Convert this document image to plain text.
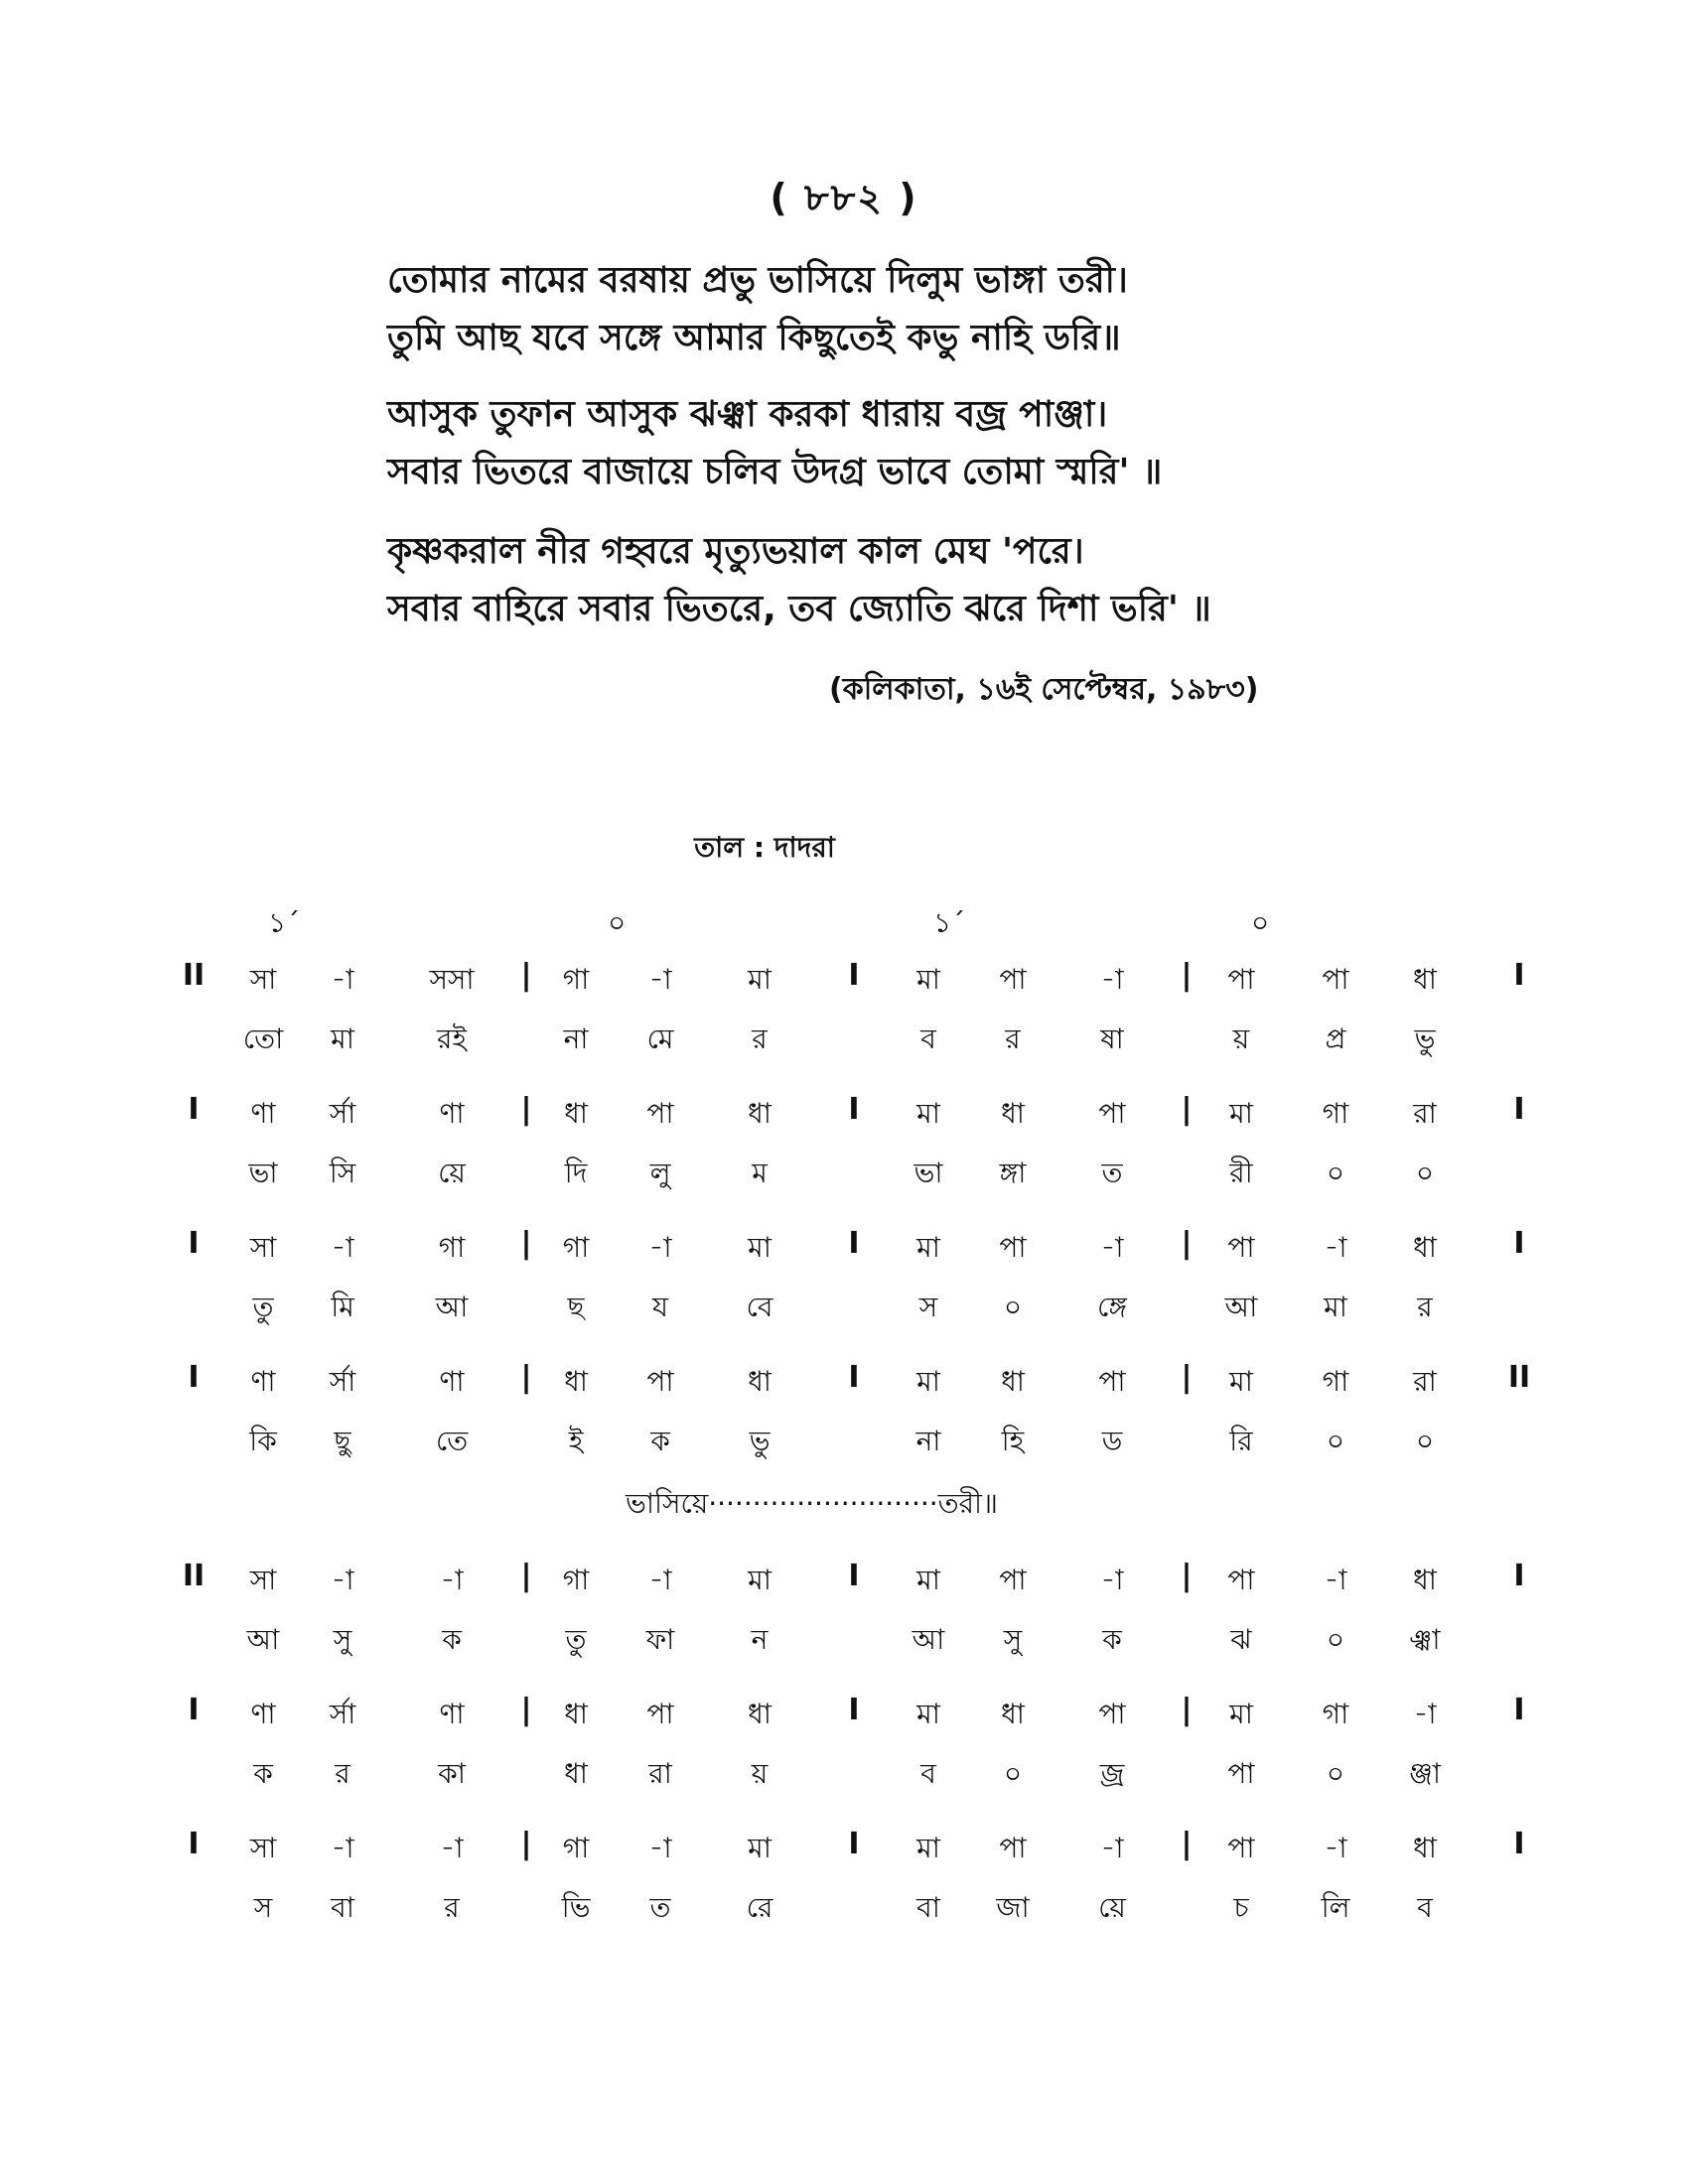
( ৮৮২ )
তোমার নামের বরষায় প্রভু ভাসিয়ে দিলুম ভাঙ্গা তরী।
তুমি আছ যবে সঙ্গে আমার কিছুতেই কভু নাহি ডরি॥
আসুক তুফান আসুক ঝঞ্ঝা করকা ধারায় বজ্র পাঞ্জা।
সবার ভিতরে বাজায়ে চলিব উদগ্র ভাবে তোমা স্মরি' ॥
কৃষ্ণকরাল নীর গহ্বরে মৃত্যুভয়াল কাল মেঘ 'পরে।
সবার বাহিরে সবার ভিতরে, তব জ্যোতি ঝরে দিশা ভরি' ॥
(কলিকাতা, ১৬ই সেপ্টেম্বর, ১৯৮৩)
তাল : দাদরা
১´	০	১´	০
II	|	I	|	I
সা -া	সসা	গা -া	মা	মা পা	-া	পা পা ধা
তো মা	রই	না মে	র	ব র	ষা	য়	প্র ভু
I	|	I	|	I
ণা র্সা	ণা	ধা পা	ধা	মা ধা	পা	মা গা রা
ভা সি	য়ে	দি লু	ম	ভা ঙ্গা	ত	রী	০	০
I	|	I	|	I
সা -া	গা	গা -া	মা	মা পা	-া	পা -া ধা
তু মি	আ	ছ য	বে	স ০	ঙ্গে	আ মা	র
I	|	I	|	II
ণা র্সা	ণা	ধা পা	ধা	মা ধা	পা	মা গা রা
কি ছু	তে	ই ক	ভু	না হি	ড	রি	০	০
II	|	I	|	I
সা -া	-া	গা -া	মা	মা পা	-া	পা -া ধা
আ সু	ক	তু ফা	ন	আ সু	ক	ঝ	০ ঞ্ঝা
I	|	I	|	I
ণা র্সা	ণা	ধা পা	ধা	মা ধা	পা	মা গা -া
ক র	কা	ধা রা	য়	ব ০	জ্র	পা	০ ঞ্জা
I	|	I	|	I
সা -া	-া	গা -া	মা	মা পা	-া	পা -া ধা
স বা	র	ভি ত	রে	বা জা য়ে	চ	লি ব
ভাসিয়ে··························তরী॥
